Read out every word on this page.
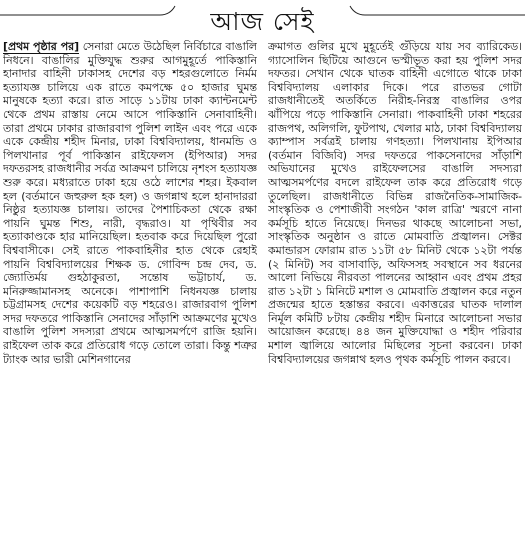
আজ সেই

[প্রথম পৃষ্ঠার পর] সেনারা মেতে উঠেছিল নির্বিচারে বাঙালি নিধনে। বাঙালির মুক্তিযুদ্ধ শুরুর আগমুহূর্তে পাকিস্তানি হানাদার বাহিনী ঢাকাসহ দেশের বড় শহরগুলোতে নির্মম হত্যাযজ্ঞ চালিয়ে এক রাতে কমপক্ষে ৫০ হাজার ঘুমন্ত মানুষকে হত্যা করে। রাত সাড়ে ১১টায় ঢাকা ক্যান্টনমেন্ট থেকে প্রথম রাস্তায় নেমে আসে পাকিস্তানি সেনাবাহিনী। তারা প্রথমে ঢাকার রাজারবাগ পুলিশ লাইন এবং পরে একে একে কেন্দ্রীয় শহীদ মিনার, ঢাকা বিশ্ববিদ্যালয়, ধানমন্ডি ও পিলখানার পূর্ব পাকিস্তান রাইফেলস (ইপিআর) সদর দফতরসহ রাজধানীর সর্বত্র আক্রমণ চালিয়ে নৃশংস হত্যাযজ্ঞ শুরু করে। মধ্যরাতে ঢাকা হয়ে ওঠে লাশের শহর। ইকবাল হল (বর্তমানে জহুরুল হক হল) ও জগন্নাথ হলে হানাদাররা নিষ্ঠুর হত্যাযজ্ঞ চালায়। তাদের পৈশাচিকতা থেকে রক্ষা পায়নি ঘুমন্ত শিশু, নারী, বৃদ্ধরাও। যা পৃথিবীর সব হত্যাকাণ্ডকে হার মানিয়েছিল। হতবাক করে দিয়েছিল পুরো বিশ্ববাসীকে। সেই রাতে পাকবাহিনীর হাত থেকে রেহাই পায়নি বিশ্ববিদ্যালয়ের শিক্ষক ড. গোবিন্দ চন্দ্র দেব, ড. জ্যোতির্ময় গুহঠাকুরতা, সন্তোষ ভট্টাচার্য, ড. মনিরুজ্জামানসহ অনেকে। পাশাপাশি নিধনযজ্ঞ চালায় চট্টগ্রামসহ দেশের কয়েকটি বড় শহরেও। রাজারবাগ পুলিশ সদর দফতরে পাকিস্তানি সেনাদের সাঁড়াশি আক্রমণের মুখেও বাঙালি পুলিশ সদস্যরা প্রথমে আত্মসমর্পণে রাজি হয়নি। রাইফেল তাক করে প্রতিরোধ গড়ে তোলে তারা। কিন্তু শত্রুর ট্যাংক আর ভারী মেশিনগানের

ক্রমাগত গুলির মুখে মুহূর্তেই গুঁড়িয়ে যায় সব ব্যারিকেড। গ্যাসোলিন ছিটিয়ে আগুনে ভস্মীভূত করা হয় পুলিশ সদর দফতর। সেখান থেকে ঘাতক বাহিনী এগোতে থাকে ঢাকা বিশ্ববিদ্যালয় এলাকার দিকে। পরে রাতভর গোটা রাজধানীতেই অতর্কিতে নিরীহ-নিরস্ত্র বাঙালির ওপর ঝাঁপিয়ে পড়ে পাকিস্তানি সেনারা। পাকবাহিনী ঢাকা শহরের রাজপথ, অলিগলি, ফুটপাথ, খেলার মাঠ, ঢাকা বিশ্ববিদ্যালয় ক্যাম্পাস সর্বত্রই চালায় গণহত্যা। পিলখানায় ইপিআর (বর্তমান বিজিবি) সদর দফতরে পাকসেনাদের সাঁড়াশি অভিযানের মুখেও রাইফেলসের বাঙালি সদস্যরা আত্মসমর্পণের বদলে রাইফেল তাক করে প্রতিরোধ গড়ে তুলেছিল। রাজধানীতে বিভিন্ন রাজনৈতিক-সামাজিক-সাংস্কৃতিক ও পেশাজীবী সংগঠন 'কাল রাত্রি' স্মরণে নানা কর্মসূচি হাতে নিয়েছে। দিনভর থাকছে আলোচনা সভা, সাংস্কৃতিক অনুষ্ঠান ও রাতে মোমবাতি প্রজ্বালন। সেক্টর কমান্ডারস ফোরাম রাত ১১টা ৫৮ মিনিট থেকে ১২টা পর্যন্ত (২ মিনিট) সব বাসাবাড়ি, অফিসসহ সবস্থানে সব ধরনের আলো নিভিয়ে নীরবতা পালনের আহ্বান এবং প্রথম প্রহর রাত ১২টা ১ মিনিটে মশাল ও মোমবাতি প্রজ্বালন করে নতুন প্রজন্মের হাতে হস্তান্তর করবে। একাত্তরের ঘাতক দালাল নির্মূল কমিটি ৮টায় কেন্দ্রীয় শহীদ মিনারে আলোচনা সভার আয়োজন করেছে। ৪৪ জন মুক্তিযোদ্ধা ও শহীদ পরিবার মশাল জ্বালিয়ে আলোর মিছিলের সূচনা করবেন। ঢাকা বিশ্ববিদ্যালয়ের জগন্নাথ হলও পৃথক কর্মসূচি পালন করবে।
